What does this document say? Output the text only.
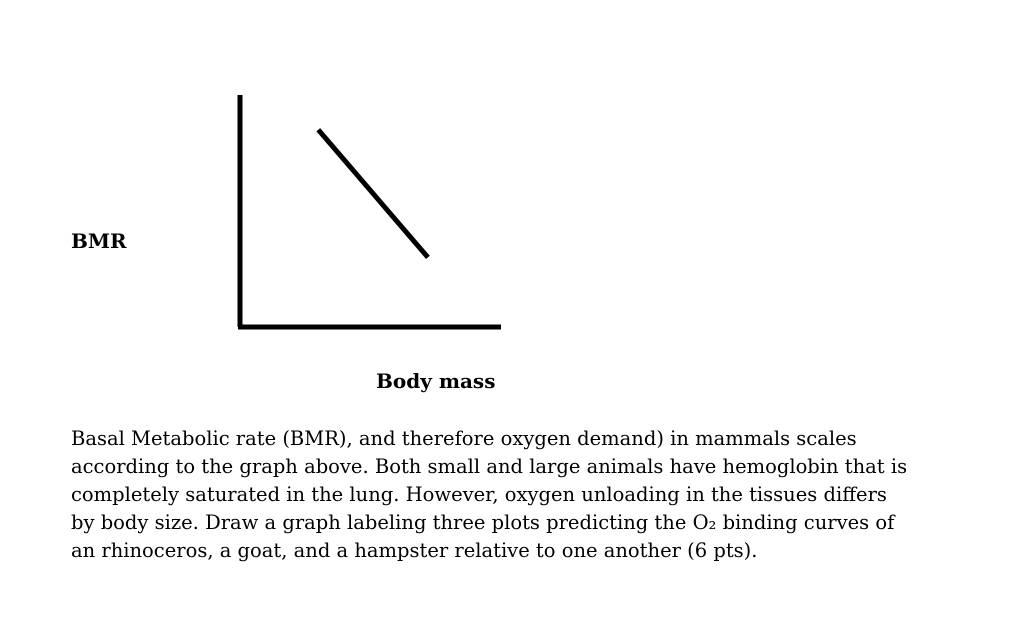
BMR
Body mass
Basal Metabolic rate (BMR), and therefore oxygen demand) in mammals scales
according to the graph above. Both small and large animals have hemoglobin that is
completely saturated in the lung. However, oxygen unloading in the tissues differs
by body size. Draw a graph labeling three plots predicting the O₂ binding curves of
an rhinoceros, a goat, and a hampster relative to one another (6 pts).
